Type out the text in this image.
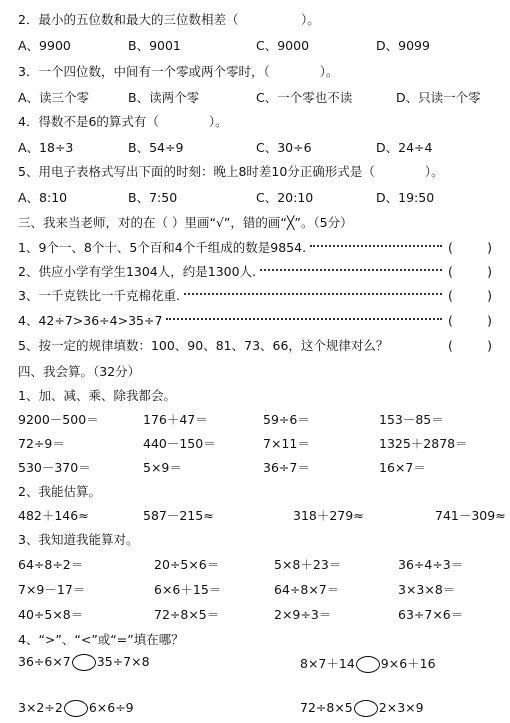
2．最小的五位数和最大的三位数相差（　　　　　）。
A、9900	B、9001	C、9000	D、9099
3．一个四位数，中间有一个零或两个零时，（　　　　）。
A、读三个零	B、读两个零	C、一个零也不读	D、只读一个零
4．得数不是6的算式有（　　　　）。
A、18÷3	B、54÷9	C、30÷6	D、24÷4
5、用电子表格式写出下面的时刻：晚上8时差10分正确形式是（　　　　）。
A、8:10	B、7:50	C、20:10	D、19:50
三、我来当老师，对的在（ ）里画“√”，错的画“╳”。（5分）
1、9个一、8个十、5个百和4个千组成的数是9854.	(	)
2、供应小学有学生1304人，约是1300人.	(	)
3、一千克铁比一千克棉花重.	(	)
4、42÷7>36÷4>35÷7	(	)
5、按一定的规律填数：100、90、81、73、66，这个规律对么？	(	)
四、我会算。（32分）
1、加、减、乘、除我都会。
9200－500＝	176＋47＝	59÷6＝	153－85＝
72÷9＝	440－150＝	7×11＝	1325＋2878＝
530－370＝	5×9＝	36÷7＝	16×7＝
2、我能估算。
482＋146≈	587－215≈	318＋279≈	741－309≈
3、我知道我能算对。
64÷8÷2＝	20÷5×6＝	5×8＋23＝	36÷4÷3＝
7×9－17＝	6×6＋15＝	64÷8×7＝	3×3×8＝
40÷5×8＝	72÷8×5＝	2×9÷3＝	63÷7×6＝
4、“>”、“<”或“=”填在哪？
36÷6×7 35÷7×8	8×7＋14 9×6＋16
3×2÷2 6×6÷9	72÷8×5 2×3×9
